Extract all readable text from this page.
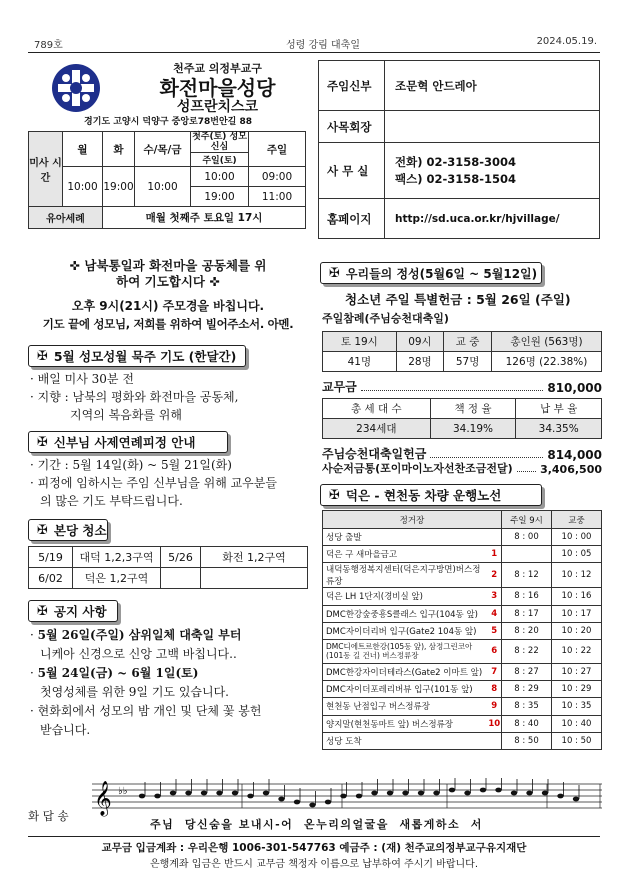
789호	성령 강림 대축일	2024.05.19.
천주교 의정부교구
화전마을성당
성프란치스코
경기도 고양시 덕양구 중앙로78번안길 88
미사 시간	월	화	수/목/금	첫주(토) 성모신심	주일
				주일(토)	
	10:00	19:00	10:00	10:00	09:00
				19:00	11:00
유아세례		매월 첫째주 토요일 17시			
주임신부	조문혁 안드레아
사목회장	
사 무 실	전화) 02-3158-3004
팩스) 02-3158-1504

홈페이지	http://sd.uca.or.kr/hjvillage/
✜ 남북통일과 화전마을 공동체를 위하여 기도합시다 ✜
오후 9시(21시) 주모경을 바칩니다.
기도 끝에 성모님, 저희를 위하여 빌어주소서. 아멘.
✠ 5월 성모성월 묵주 기도 (한달간)
· 배일 미사 30분 전
· 지향 : 남북의 평화와 화전마을 공동체,
지역의 복음화를 위해
✠ 신부님 사제연례피정 안내
· 기간 : 5월 14일(화) ~ 5월 21일(화)
· 피정에 임하시는 주임 신부님을 위해 교우분들
의 많은 기도 부탁드립니다.
✠ 본당 청소
5/19	대덕 1,2,3구역	5/26	화전 1,2구역
6/02	덕은 1,2구역		
✠ 공지 사항
· 5월 26일(주일) 삼위일체 대축일 부터
니케아 신경으로 신앙 고백 바칩니다..
· 5월 24일(금) ~ 6월 1일(토)
첫영성체를 위한 9일 기도 있습니다.
· 현화회에서 성모의 밤 개인 및 단체 꽃 봉헌
받습니다.
✠ 우리들의 정성(5월6일 ~ 5월12일)
청소년 주일 특별헌금 : 5월 26일 (주일)
주일참례(주님승천대축일)
토 19시	09시	교 중	총인원 (563명)
41명	28명	57명	126명 (22.38%)
교무금	810,000
총 세 대 수	책 정 율	납 부 율
234세대	34.19%	34.35%
주님승천대축일헌금	814,000
사순저금통(포이마이노자선찬조금전달) 3,406,500
✠ 덕은 - 현천동 차량 운행노선
정거장		주일 9시	교중
성당 출발		8 : 00	10 : 00
덕은 구 새마을금고	1		10 : 05
내덕동행정복지센터(덕은지구방면)버스정류장	2	8 : 12	10 : 12
덕은 LH 1단지(경비실 앞)	3	8 : 16	10 : 16
DMC한강숲중흥S클래스 입구(104동 앞)	4	8 : 17	10 : 17
DMC자이더리버 입구(Gate2 104동 앞)	5	8 : 20	10 : 20
DMC디에트르한강(105동 앞), 삼정그린코아(101동 길 건너) 버스정류장	6	8 : 22	10 : 22
DMC한강자이더테라스(Gate2 이마트 앞)	7	8 : 27	10 : 27
DMC자이더포레리버뷰 입구(101동 앞)	8	8 : 29	10 : 29
현천동 난점입구 버스정류장	9	8 : 35	10 : 35
양지말(현천동마트 앞) 버스정류장	10	8 : 40	10 : 40
성당 도착		8 : 50	10 : 50
화 답 송 𝄞 ♭♭
주님  당신숨을 보내시-어  온누리의얼굴을  새롭게하소  서
교무금 입금계좌 : 우리은행 1006-301-547763 예금주 : (재) 천주교의정부교구유지재단
은행계좌 입금은 반드시 교무금 책정자 이름으로 납부하여 주시기 바랍니다.
